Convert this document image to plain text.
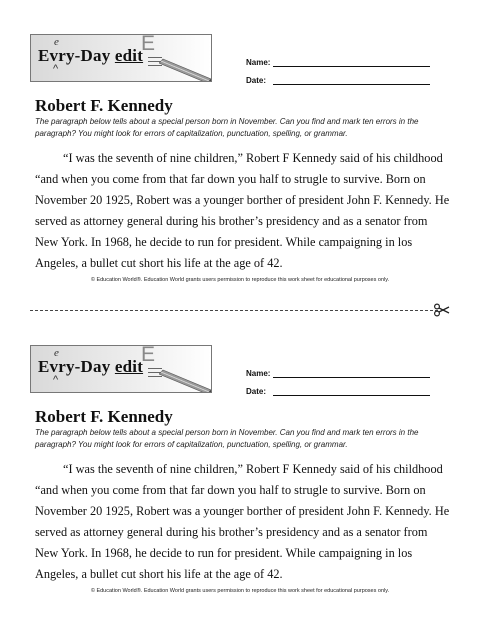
e
^
Evry-Day edit
E
Name:
Date:
Robert F. Kennedy

The paragraph below tells about a special person born in November. Can you find and mark ten errors in the paragraph? You might look for errors of capitalization, punctuation, spelling, or grammar.

“I was the seventh of nine children,” Robert F Kennedy said of his childhood “and when you come from that far down you half to strugle to survive. Born on November 20 1925, Robert was a younger borther of president John F. Kennedy. He served as attorney general during his brother’s presidency and as a senator from New York. In 1968, he decide to run for president. While campaigning in los Angeles, a bullet cut short his life at the age of 42.

© Education World®. Education World grants users permission to reproduce this work sheet for educational purposes only.

e
^
Evry-Day edit
E
Name:
Date:
Robert F. Kennedy

The paragraph below tells about a special person born in November. Can you find and mark ten errors in the paragraph? You might look for errors of capitalization, punctuation, spelling, or grammar.

“I was the seventh of nine children,” Robert F Kennedy said of his childhood “and when you come from that far down you half to strugle to survive. Born on November 20 1925, Robert was a younger borther of president John F. Kennedy. He served as attorney general during his brother’s presidency and as a senator from New York. In 1968, he decide to run for president. While campaigning in los Angeles, a bullet cut short his life at the age of 42.

© Education World®. Education World grants users permission to reproduce this work sheet for educational purposes only.
